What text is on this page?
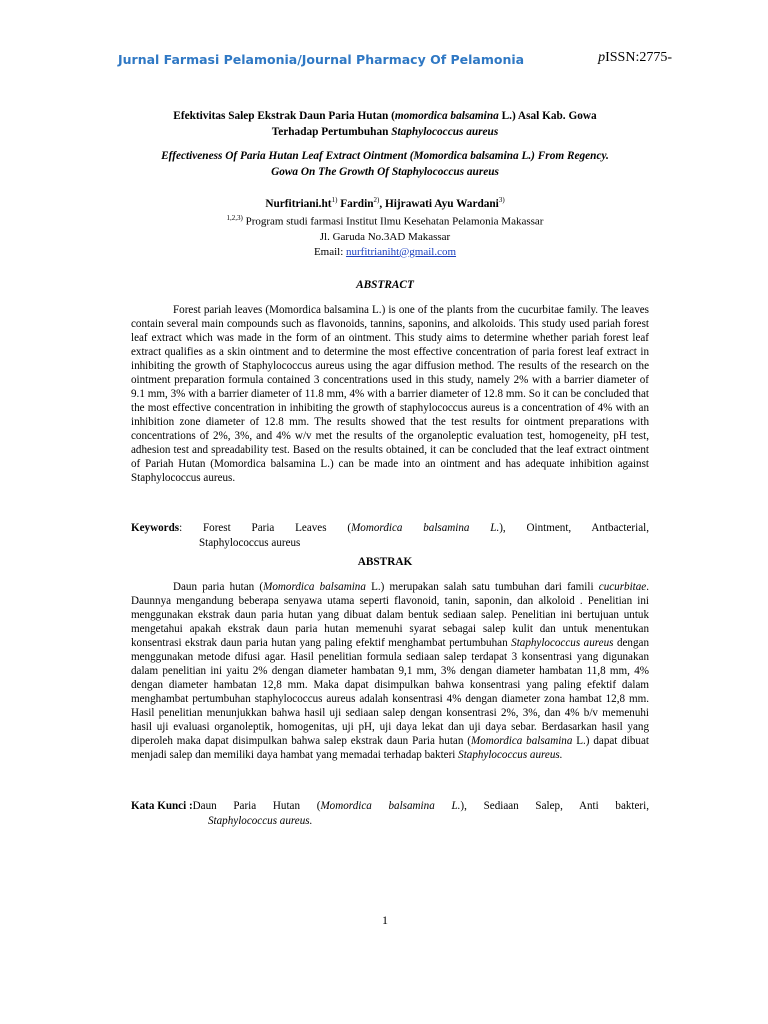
Jurnal Farmasi Pelamonia/Journal Pharmacy Of Pelamonia	pISSN:2775-
Efektivitas Salep Ekstrak Daun Paria Hutan (momordica balsamina L.) Asal Kab. Gowa
Terhadap Pertumbuhan Staphylococcus aureus
Effectiveness Of Paria Hutan Leaf Extract Ointment (Momordica balsamina L.) From Regency.
Gowa On The Growth Of Staphylococcus aureus
$Nurfitriani.ht^{1)}$ Fardin$^{2)}$, Hijrawati Ayu Wardani$^{3)}$
$^{1,2,3)}$ Program studi farmasi Institut Ilmu Kesehatan Pelamonia Makassar
Jl. Garuda No.3AD Makassar
Email: nurfitrianiht@gmail.com
ABSTRACT
Forest pariah leaves (Momordica balsamina L.) is one of the plants from the cucurbitae family. The leaves contain several main compounds such as flavonoids, tannins, saponins, and alkoloids. This study used pariah forest leaf extract which was made in the form of an ointment. This study aims to determine whether pariah forest leaf extract qualifies as a skin ointment and to determine the most effective concentration of paria forest leaf extract in inhibiting the growth of Staphylococcus aureus using the agar diffusion method. The results of the research on the ointment preparation formula contained 3 concentrations used in this study, namely 2% with a barrier diameter of 9.1 mm, 3% with a barrier diameter of 11.8 mm, 4% with a barrier diameter of 12.8 mm. So it can be concluded that the most effective concentration in inhibiting the growth of staphylococcus aureus is a concentration of 4% with an inhibition zone diameter of 12.8 mm. The results showed that the test results for ointment preparations with concentrations of 2%, 3%, and 4% w/v met the results of the organoleptic evaluation test, homogeneity, pH test, adhesion test and spreadability test. Based on the results obtained, it can be concluded that the leaf extract ointment of Pariah Hutan (Momordica balsamina L.) can be made into an ointment and has adequate inhibition against Staphylococcus aureus.
Keywords : Forest Paria Leaves (Momordica balsamina L.), Ointment, Antbacterial,
Staphylococcus aureus
ABSTRAK
Daun paria hutan (Momordica balsamina L.) merupakan salah satu tumbuhan dari famili cucurbitae. Daunnya mengandung beberapa senyawa utama seperti flavonoid, tanin, saponin, dan alkoloid . Penelitian ini menggunakan ekstrak daun paria hutan yang dibuat dalam bentuk sediaan salep. Penelitian ini bertujuan untuk mengetahui apakah ekstrak daun paria hutan memenuhi syarat sebagai salep kulit dan untuk menentukan konsentrasi ekstrak daun paria hutan yang paling efektif menghambat pertumbuhan Staphylococcus aureus dengan menggunakan metode difusi agar. Hasil penelitian formula sediaan salep terdapat 3 konsentrasi yang digunakan dalam penelitian ini yaitu 2% dengan diameter hambatan 9,1 mm, 3% dengan diameter hambatan 11,8 mm, 4% dengan diameter hambatan 12,8 mm. Maka dapat disimpulkan bahwa konsentrasi yang paling efektif dalam menghambat pertumbuhan staphylococcus aureus adalah konsentrasi 4% dengan diameter zona hambat 12,8 mm. Hasil penelitian menunjukkan bahwa hasil uji sediaan salep dengan konsentrasi 2%, 3%, dan 4% b/v memenuhi hasil uji evaluasi organoleptik, homogenitas, uji pH, uji daya lekat dan uji daya sebar. Berdasarkan hasil yang diperoleh maka dapat disimpulkan bahwa salep ekstrak daun Paria hutan (Momordica balsamina L.) dapat dibuat menjadi salep dan memiliki daya hambat yang memadai terhadap bakteri Staphylococcus aureus.
Kata Kunci : Daun Paria Hutan (Momordica balsamina L.), Sediaan Salep, Anti bakteri,
Staphylococcus aureus.
1
